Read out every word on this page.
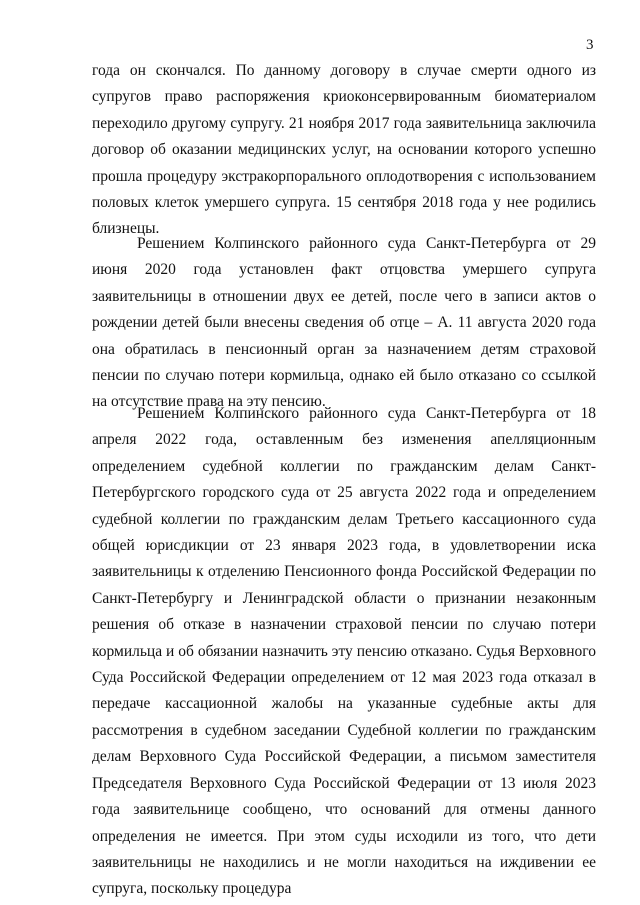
3

года он скончался. По данному договору в случае смерти одного из супругов право распоряжения криоконсервированным биоматериалом переходило другому супругу. 21 ноября 2017 года заявительница заключила договор об оказании медицинских услуг, на основании которого успешно прошла процедуру экстракорпорального оплодотворения с использованием половых клеток умершего супруга. 15 сентября 2018 года у нее родились близнецы.

Решением Колпинского районного суда Санкт-Петербурга от 29 июня 2020 года установлен факт отцовства умершего супруга заявительницы в отношении двух ее детей, после чего в записи актов о рождении детей были внесены сведения об отце – А. 11 августа 2020 года она обратилась в пенсионный орган за назначением детям страховой пенсии по случаю потери кормильца, однако ей было отказано со ссылкой на отсутствие права на эту пенсию.

Решением Колпинского районного суда Санкт-Петербурга от 18 апреля 2022 года, оставленным без изменения апелляционным определением судебной коллегии по гражданским делам Санкт-Петербургского городского суда от 25 августа 2022 года и определением судебной коллегии по гражданским делам Третьего кассационного суда общей юрисдикции от 23 января 2023 года, в удовлетворении иска заявительницы к отделению Пенсионного фонда Российской Федерации по Санкт-Петербургу и Ленинградской области о признании незаконным решения об отказе в назначении страховой пенсии по случаю потери кормильца и об обязании назначить эту пенсию отказано. Судья Верховного Суда Российской Федерации определением от 12 мая 2023 года отказал в передаче кассационной жалобы на указанные судебные акты для рассмотрения в судебном заседании Судебной коллегии по гражданским делам Верховного Суда Российской Федерации, а письмом заместителя Председателя Верховного Суда Российской Федерации от 13 июля 2023 года заявительнице сообщено, что оснований для отмены данного определения не имеется. При этом суды исходили из того, что дети заявительницы не находились и не могли находиться на иждивении ее супруга, поскольку процедура
